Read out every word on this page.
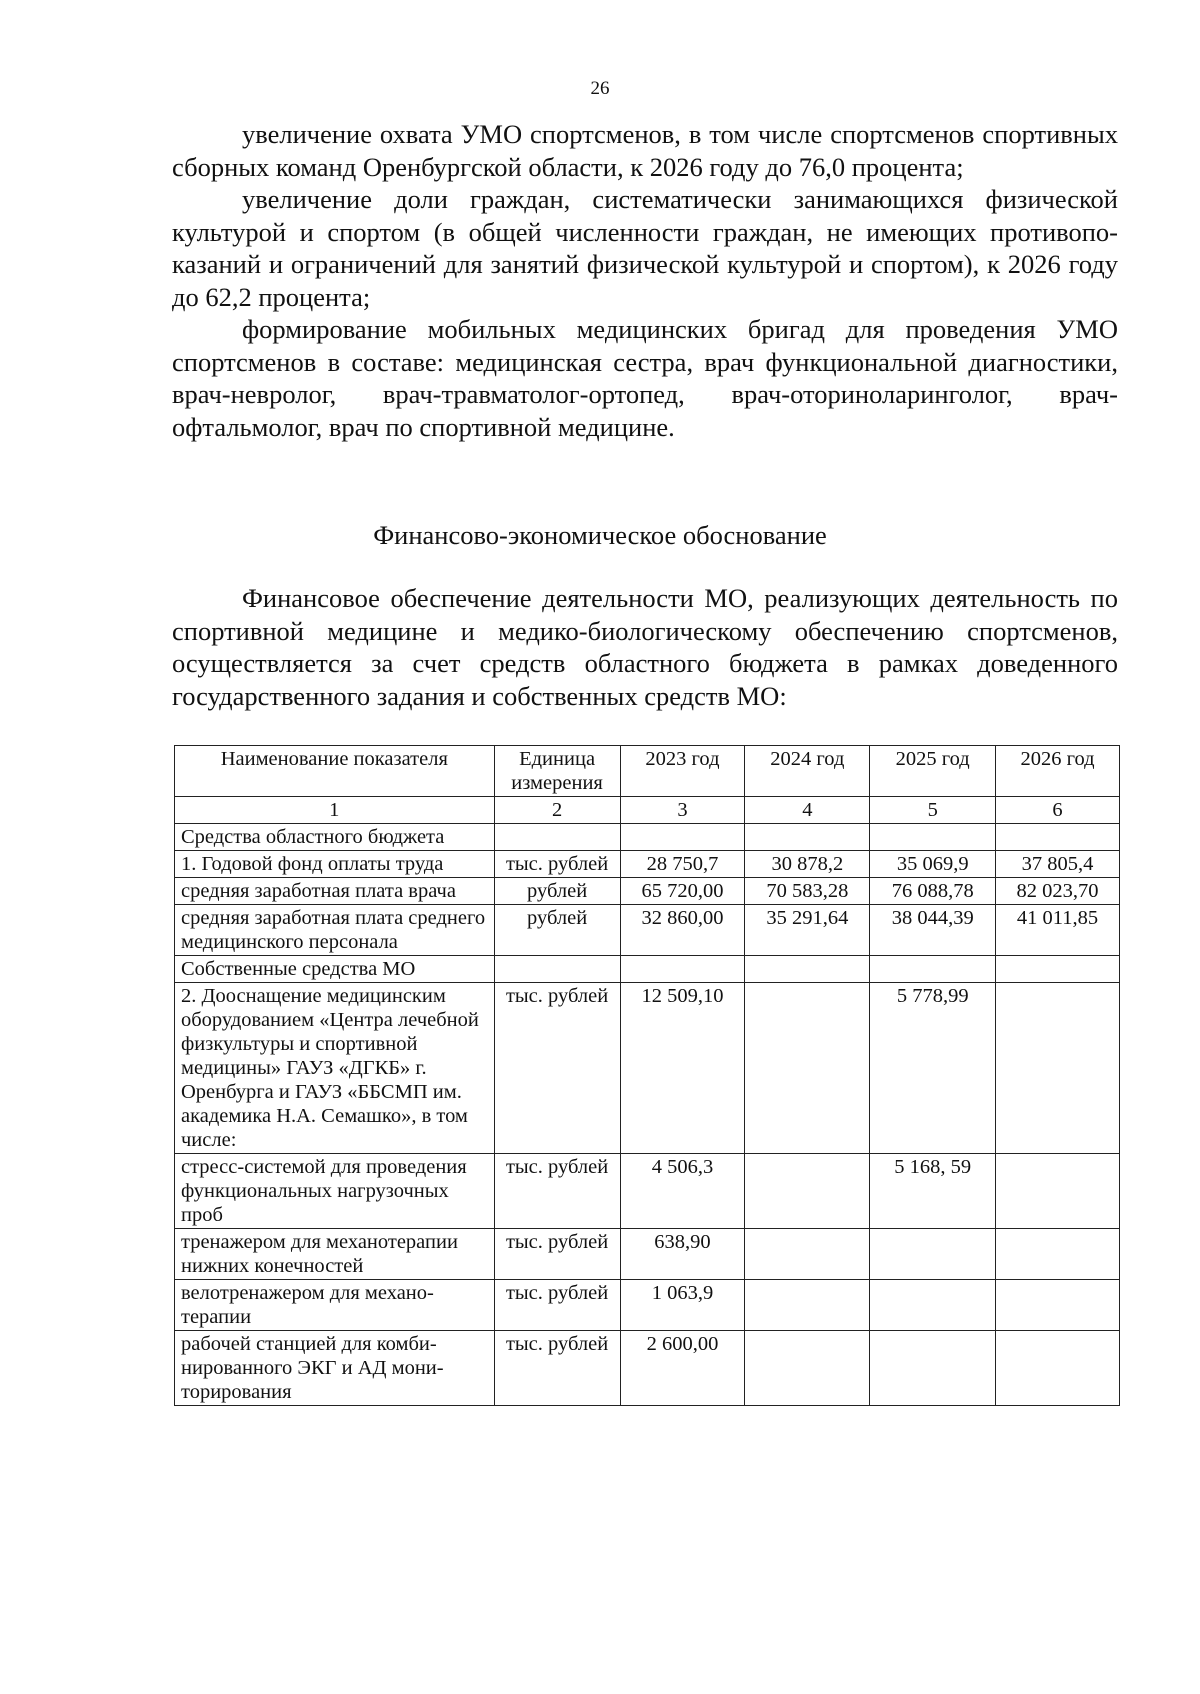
26

увеличение охвата УМО спортсменов, в том числе спортсменов спортивных сборных команд Оренбургской области, к 2026 году до 76,0 процента;

увеличение доли граждан, систематически занимающихся физической культурой и спортом (в общей численности граждан, не имеющих противопоказаний и ограничений для занятий физической культурой и спортом), к 2026 году до 62,2 процента;

формирование мобильных медицинских бригад для проведения УМО спортсменов в составе: медицинская сестра, врач функциональной диагностики, врач-невролог, врач-травматолог-ортопед, врач-оториноларинголог, врач-офтальмолог, врач по спортивной медицине.

Финансово-экономическое обоснование

Финансовое обеспечение деятельности МО, реализующих деятельность по спортивной медицине и медико-биологическому обеспечению спортсменов, осуществляется за счет средств областного бюджета в рамках доведенного государственного задания и собственных средств МО:

Наименование показателя	Единица измерения	2023 год	2024 год	2025 год	2026 год
1	2	3	4	5	6
Средства областного бюджета					
1. Годовой фонд оплаты труда	тыс. рублей	28 750,7	30 878,2	35 069,9	37 805,4
средняя заработная плата врача	рублей	65 720,00	70 583,28	76 088,78	82 023,70
средняя заработная плата среднего медицинского персонала	рублей	32 860,00	35 291,64	38 044,39	41 011,85
Собственные средства МО					
2. Дооснащение медицинским оборудованием «Центра лечебной физкультуры и спортивной медицины» ГАУЗ «ДГКБ» г. Оренбурга и ГАУЗ «ББСМП им. академика Н.А. Семашко», в том числе:	тыс. рублей	12 509,10		5 778,99	
стресс-системой для проведения функциональных нагрузочных проб	тыс. рублей	4 506,3		5 168, 59	
тренажером для механотерапии нижних конечностей	тыс. рублей	638,90			
велотренажером для механотерапии	тыс. рублей	1 063,9			
рабочей станцией для комбинированного ЭКГ и АД мониторирования	тыс. рублей	2 600,00			
